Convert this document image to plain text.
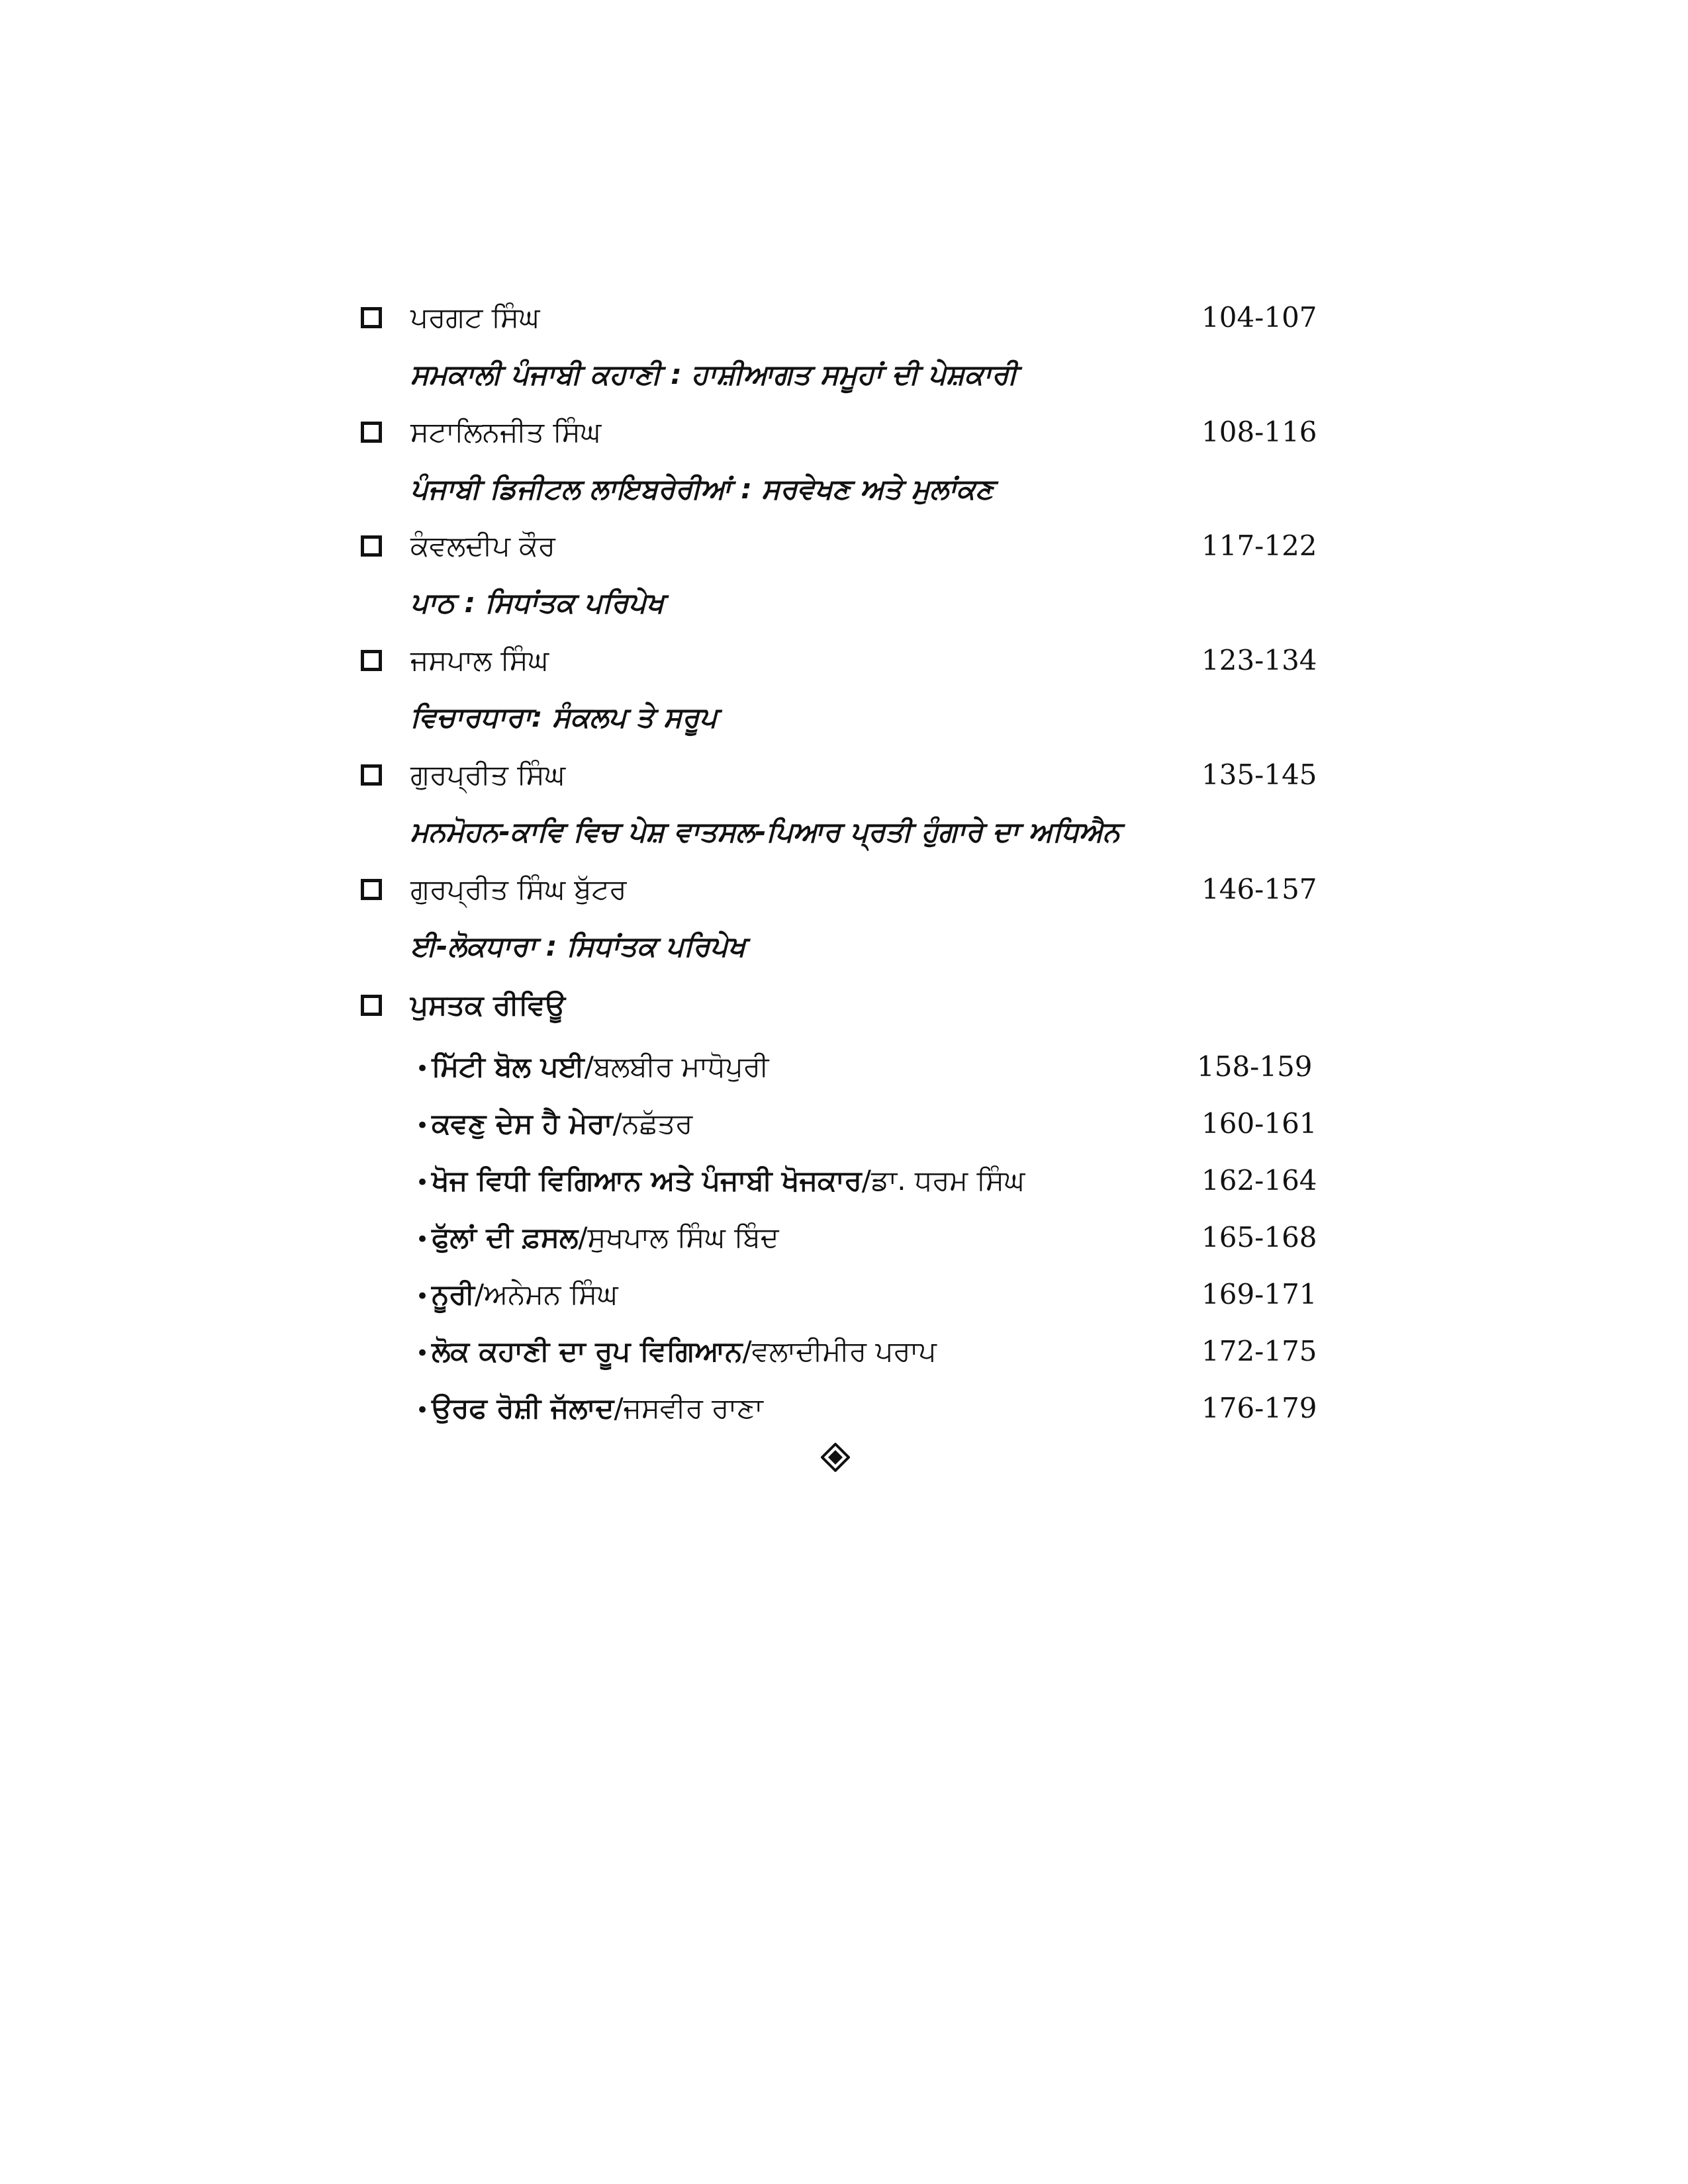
ਪਰਗਟ ਸਿੰਘ	104-107
ਸਮਕਾਲੀ ਪੰਜਾਬੀ ਕਹਾਣੀ : ਹਾਸ਼ੀਆਗਤ ਸਮੂਹਾਂ ਦੀ ਪੇਸ਼ਕਾਰੀ
ਸਟਾਲਿਨਜੀਤ ਸਿੰਘ	108-116
ਪੰਜਾਬੀ ਡਿਜੀਟਲ ਲਾਇਬਰੇਰੀਆਂ : ਸਰਵੇਖਣ ਅਤੇ ਮੁਲਾਂਕਣ
ਕੰਵਲਦੀਪ ਕੌਰ	117-122
ਪਾਠ : ਸਿਧਾਂਤਕ ਪਰਿਪੇਖ
ਜਸਪਾਲ ਸਿੰਘ	123-134
ਵਿਚਾਰਧਾਰਾ: ਸੰਕਲਪ ਤੇ ਸਰੂਪ
ਗੁਰਪ੍ਰੀਤ ਸਿੰਘ	135-145
ਮਨਮੋਹਨ-ਕਾਵਿ ਵਿਚ ਪੇਸ਼ ਵਾਤਸਲ-ਪਿਆਰ ਪ੍ਰਤੀ ਹੁੰਗਾਰੇ ਦਾ ਅਧਿਐਨ
ਗੁਰਪ੍ਰੀਤ ਸਿੰਘ ਬੁੱਟਰ	146-157
ਈ-ਲੋਕਧਾਰਾ : ਸਿਧਾਂਤਕ ਪਰਿਪੇਖ
ਪੁਸਤਕ ਰੀਵਿਊ
•ਮਿੱਟੀ ਬੋਲ ਪਈ/ਬਲਬੀਰ ਮਾਧੋਪੁਰੀ	158-159
•ਕਵਣੁ ਦੇਸ ਹੈ ਮੇਰਾ/ਨਛੱਤਰ	160-161
•ਖੋਜ ਵਿਧੀ ਵਿਗਿਆਨ ਅਤੇ ਪੰਜਾਬੀ ਖੋਜਕਾਰ/ਡਾ. ਧਰਮ ਸਿੰਘ	162-164
•ਫੁੱਲਾਂ ਦੀ ਫ਼ਸਲ/ਸੁਖਪਾਲ ਸਿੰਘ ਬਿੰਦ	165-168
•ਨੂਰੀ/ਅਨੇਮਨ ਸਿੰਘ	169-171
•ਲੋਕ ਕਹਾਣੀ ਦਾ ਰੂਪ ਵਿਗਿਆਨ/ਵਲਾਦੀਮੀਰ ਪਰਾਪ	172-175
•ਉਰਫ ਰੋਸ਼ੀ ਜੱਲਾਦ/ਜਸਵੀਰ ਰਾਣਾ	176-179
